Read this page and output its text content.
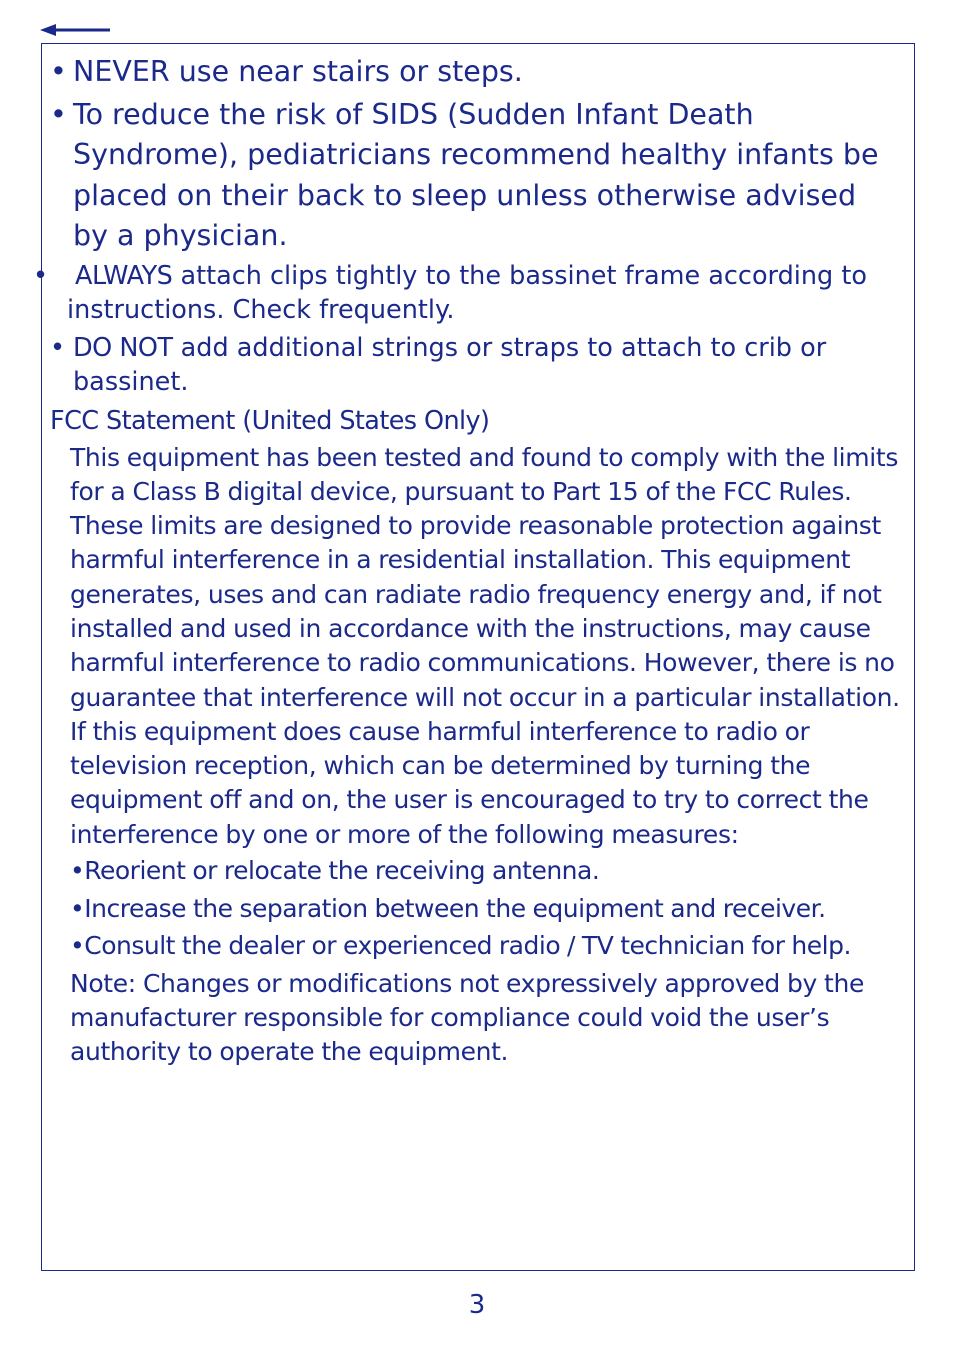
• NEVER use near stairs or steps.
• To reduce the risk of SIDS (Sudden Infant Death Syndrome), pediatricians recommend healthy infants be placed on their back to sleep unless otherwise advised by a physician.
• ALWAYS attach clips tightly to the bassinet frame according to
instructions. Check frequently.
• DO NOT add additional strings or straps to attach to crib or bassinet.
FCC Statement (United States Only)

This equipment has been tested and found to comply with the limits for a Class B digital device, pursuant to Part 15 of the FCC Rules. These limits are designed to provide reasonable protection against harmful interference in a residential installation. This equipment generates, uses and can radiate radio frequency energy and, if not installed and used in accordance with the instructions, may cause harmful interference to radio communications. However, there is no guarantee that interference will not occur in a particular installation. If this equipment does cause harmful interference to radio or television reception, which can be determined by turning the equipment off and on, the user is encouraged to try to correct the interference by one or more of the following measures:

•Reorient or relocate the receiving antenna.

•Increase the separation between the equipment and receiver.

•Consult the dealer or experienced radio / TV technician for help.

Note: Changes or modifications not expressively approved by the manufacturer responsible for compliance could void the user’s authority to operate the equipment.

3
